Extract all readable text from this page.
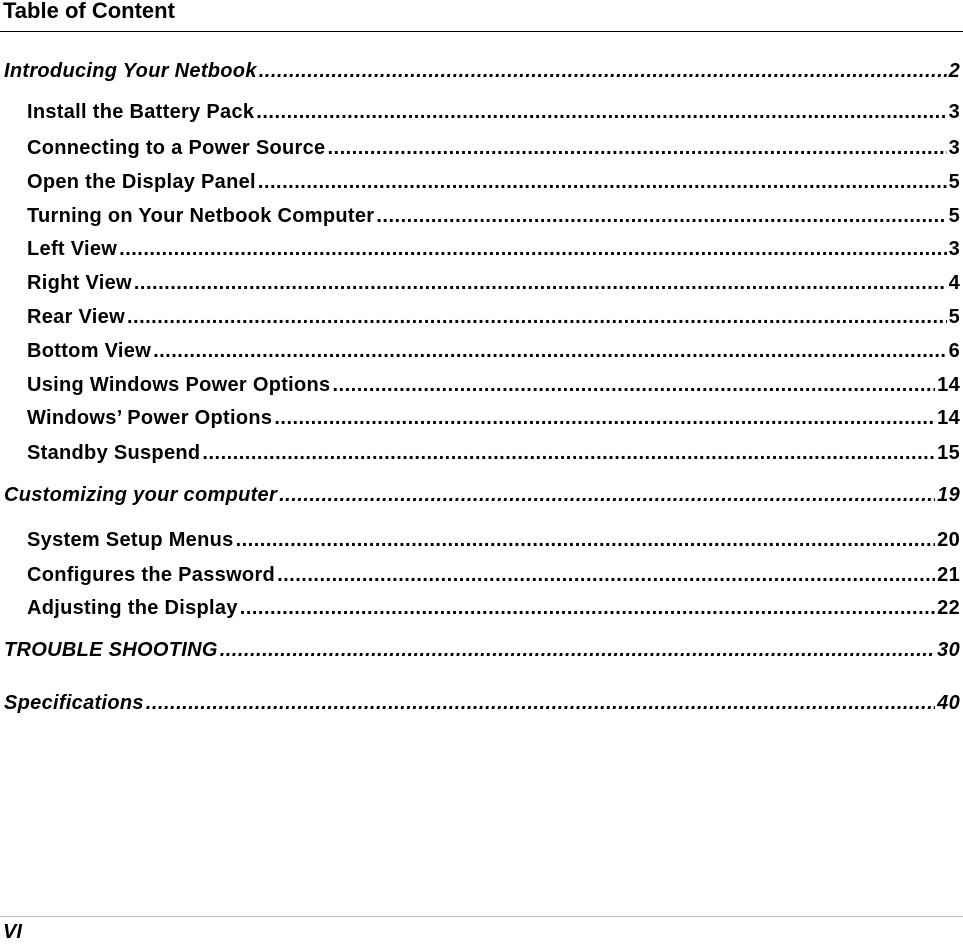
Table of Content
Introducing Your Netbook .....	2
Install the Battery Pack .....	3
Connecting to a Power Source .....	3
Open the Display Panel .....	5
Turning on Your Netbook Computer .....	5
Left View .....	3
Right View .....	4
Rear View .....	5
Bottom View .....	6
Using Windows Power Options .....	14
Windows’ Power Options .....	14
Standby Suspend .....	15
Customizing your computer .....	19
System Setup Menus .....	20
Configures the Password .....	21
Adjusting the Display .....	22
TROUBLE SHOOTING .....	30
Specifications .....	40
VI
